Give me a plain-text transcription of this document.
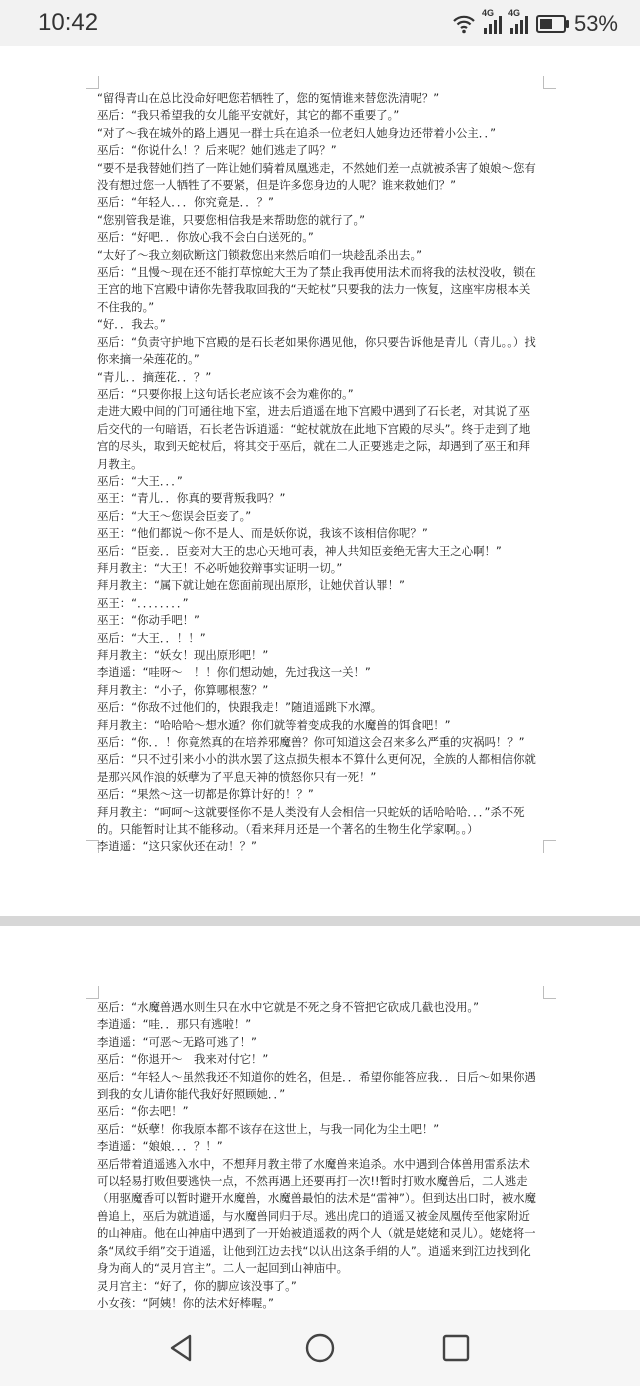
10:42	4G 4G 53%

“留得青山在总比没命好吧您若牺牲了，您的冤情谁来替您洗清呢？”

巫后：“我只希望我的女儿能平安就好，其它的都不重要了。”

“对了～我在城外的路上遇见一群士兵在追杀一位老妇人她身边还带着小公主．．”

巫后：“你说什么！？后来呢？她们逃走了吗？”

“要不是我替她们挡了一阵让她们骑着凤凰逃走，不然她们差一点就被杀害了娘娘～您有没有想过您一人牺牲了不要紧，但是许多您身边的人呢？谁来救她们？”

巫后：“年轻人．．．你究竟是．．？”

“您别管我是谁，只要您相信我是来帮助您的就行了。”

巫后：“好吧．．你放心我不会白白送死的。”

“太好了～我立刻砍断这门锁救您出来然后咱们一块趁乱杀出去。”

巫后：“且慢～现在还不能打草惊蛇大王为了禁止我再使用法术而将我的法杖没收，锁在王宫的地下宫殿中请你先替我取回我的“天蛇杖”只要我的法力一恢复，这座牢房根本关不住我的。”

“好．．我去。”

巫后：“负责守护地下宫殿的是石长老如果你遇见他，你只要告诉他是青儿（青儿。。）找你来摘一朵莲花的。”

“青儿．．摘莲花．．？”

巫后：“只要你报上这句话长老应该不会为难你的。”

走进大殿中间的门可通往地下室，进去后逍遥在地下宫殿中遇到了石长老，对其说了巫后交代的一句暗语，石长老告诉逍遥：“蛇杖就放在此地下宫殿的尽头”。终于走到了地宫的尽头，取到天蛇杖后，将其交于巫后，就在二人正要逃走之际，却遇到了巫王和拜月教主。

巫后：“大王．．．”

巫王：“青儿．．你真的要背叛我吗？”

巫后：“大王～您误会臣妾了。”

巫王：“他们都说～你不是人、而是妖你说，我该不该相信你呢？”

巫后：“臣妾．．臣妾对大王的忠心天地可表，神人共知臣妾绝无害大王之心啊！”

拜月教主：“大王！不必听她狡辩事实证明一切。”

拜月教主：“属下就让她在您面前现出原形，让她伏首认罪！”

巫王：“．．．．．．．．”

巫王：“你动手吧！”

巫后：“大王．．！！”

拜月教主：“妖女！现出原形吧！”

李逍遥：“哇呀～　！！你们想动她，先过我这一关！”

拜月教主：“小子，你算哪根葱？”

巫后：“你敌不过他们的，快跟我走！”随逍遥跳下水潭。

拜月教主：“哈哈哈～想水遁？你们就等着变成我的水魔兽的饵食吧！”

巫后：“你．．！你竟然真的在培养邪魔兽？你可知道这会召来多么严重的灾祸吗！？”

巫后：“只不过引来小小的洪水罢了这点损失根本不算什么更何况，全族的人都相信你就是那兴风作浪的妖孽为了平息天神的愤怒你只有一死！”

巫后：“果然～这一切都是你算计好的！？”

拜月教主：“呵呵～这就要怪你不是人类没有人会相信一只蛇妖的话哈哈哈．．．”杀不死的。只能暂时让其不能移动。（看来拜月还是一个著名的生物生化学家啊。。）

李逍遥：“这只家伙还在动！？”

巫后：“水魔兽遇水则生只在水中它就是不死之身不管把它砍成几截也没用。”

李逍遥：“哇．．那只有逃啦！”

李逍遥：“可恶～无路可逃了！”

巫后：“你退开～　我来对付它！”

巫后：“年轻人～虽然我还不知道你的姓名，但是．．希望你能答应我．．日后～如果你遇到我的女儿请你能代我好好照顾她．．”

巫后：“你去吧！”

巫后：“妖孽！你我原本都不该存在这世上，与我一同化为尘土吧！”

李逍遥：“娘娘．．．？！”

巫后带着逍遥逃入水中，不想拜月教主带了水魔兽来追杀。水中遇到合体兽用雷系法术可以轻易打败但要逃快一点，不然再遇上还要再打一次!!暂时打败水魔兽后，二人逃走（用驱魔香可以暂时避开水魔兽，水魔兽最怕的法术是“雷神”）。但到达出口时，被水魔兽追上，巫后为就逍遥，与水魔兽同归于尽。逃出虎口的逍遥又被金凤凰传至他家附近的山神庙。他在山神庙中遇到了一开始被逍遥救的两个人（就是姥姥和灵儿）。姥姥将一条“凤纹手绢”交于逍遥，让他到江边去找“以认出这条手绢的人”。逍遥来到江边找到化身为商人的“灵月宫主”。二人一起回到山神庙中。

灵月宫主：“好了，你的脚应该没事了。”

小女孩：“阿姨！你的法术好棒喔。”
